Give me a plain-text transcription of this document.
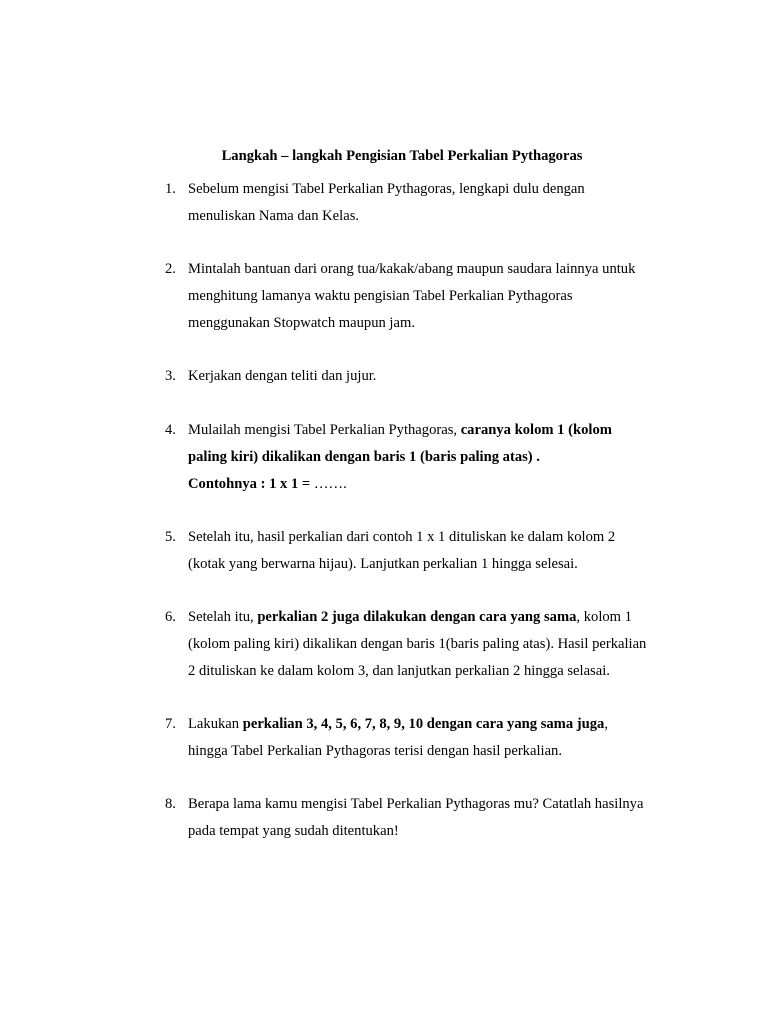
Langkah – langkah Pengisian Tabel Perkalian Pythagoras
1. Sebelum mengisi Tabel Perkalian Pythagoras, lengkapi dulu dengan
menuliskan Nama dan Kelas.
2. Mintalah bantuan dari orang tua/kakak/abang maupun saudara lainnya untuk
menghitung lamanya waktu pengisian Tabel Perkalian Pythagoras
menggunakan Stopwatch maupun jam.
3. Kerjakan dengan teliti dan jujur.
4. Mulailah mengisi Tabel Perkalian Pythagoras, caranya kolom 1 (kolom
paling kiri) dikalikan dengan baris 1 (baris paling atas) .
Contohnya : 1 x 1 = …….
5. Setelah itu, hasil perkalian dari contoh 1 x 1 dituliskan ke dalam kolom 2
(kotak yang berwarna hijau). Lanjutkan perkalian 1 hingga selesai.
6. Setelah itu, perkalian 2 juga dilakukan dengan cara yang sama, kolom 1
(kolom paling kiri) dikalikan dengan baris 1(baris paling atas). Hasil perkalian
2 dituliskan ke dalam kolom 3, dan lanjutkan perkalian 2 hingga selasai.
7. Lakukan perkalian 3, 4, 5, 6, 7, 8, 9, 10 dengan cara yang sama juga,
hingga Tabel Perkalian Pythagoras terisi dengan hasil perkalian.
8. Berapa lama kamu mengisi Tabel Perkalian Pythagoras mu? Catatlah hasilnya
pada tempat yang sudah ditentukan!
